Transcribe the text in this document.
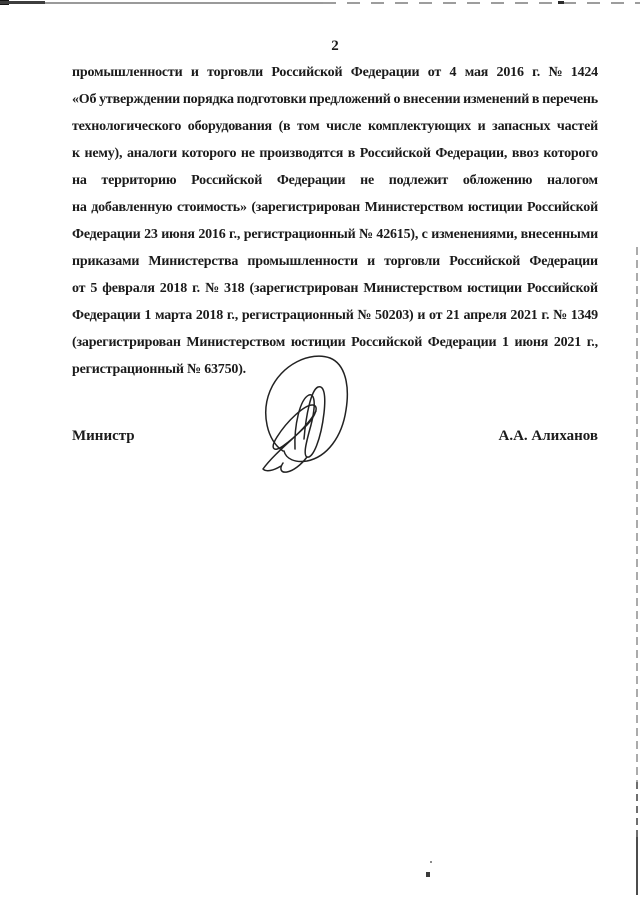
2
промышленности и торговли Российской Федерации от 4 мая 2016 г. № 1424
«Об утверждении порядка подготовки предложений о внесении изменений в перечень
технологического оборудования (в том числе комплектующих и запасных частей
к нему), аналоги которого не производятся в Российской Федерации, ввоз которого
на территорию Российской Федерации не подлежит обложению налогом
на добавленную стоимость» (зарегистрирован Министерством юстиции Российской
Федерации 23 июня 2016 г., регистрационный № 42615), с изменениями, внесенными
приказами Министерства промышленности и торговли Российской Федерации
от 5 февраля 2018 г. № 318 (зарегистрирован Министерством юстиции Российской
Федерации 1 марта 2018 г., регистрационный № 50203) и от 21 апреля 2021 г. № 1349
(зарегистрирован Министерством юстиции Российской Федерации 1 июня 2021 г.,
регистрационный № 63750).
Министр	А.А. Алиханов
